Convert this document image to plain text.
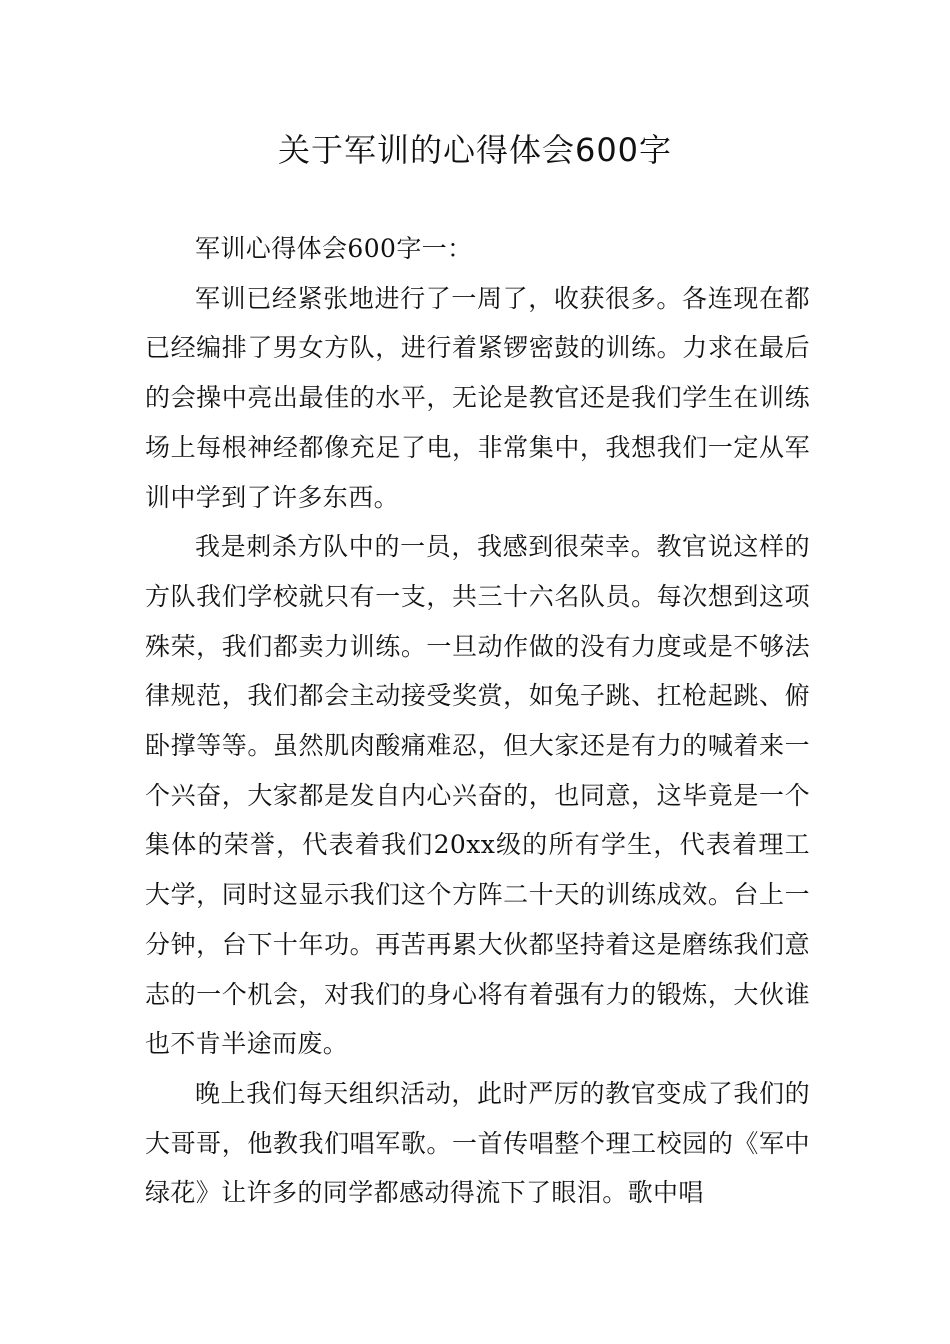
关于军训的心得体会600字

军训心得体会600字一：

军训已经紧张地进行了一周了，收获很多。各连现在都已经编排了男女方队，进行着紧锣密鼓的训练。力求在最后的会操中亮出最佳的水平，无论是教官还是我们学生在训练场上每根神经都像充足了电，非常集中，我想我们一定从军训中学到了许多东西。

我是刺杀方队中的一员，我感到很荣幸。教官说这样的方队我们学校就只有一支，共三十六名队员。每次想到这项殊荣，我们都卖力训练。一旦动作做的没有力度或是不够法律规范，我们都会主动接受奖赏，如兔子跳、扛枪起跳、俯卧撑等等。虽然肌肉酸痛难忍，但大家还是有力的喊着来一个兴奋，大家都是发自内心兴奋的，也同意，这毕竟是一个集体的荣誉，代表着我们20xx级的所有学生，代表着理工大学，同时这显示我们这个方阵二十天的训练成效。台上一分钟，台下十年功。再苦再累大伙都坚持着这是磨练我们意志的一个机会，对我们的身心将有着强有力的锻炼，大伙谁也不肯半途而废。

晚上我们每天组织活动，此时严厉的教官变成了我们的大哥哥，他教我们唱军歌。一首传唱整个理工校园的《军中绿花》让许多的同学都感动得流下了眼泪。歌中唱
